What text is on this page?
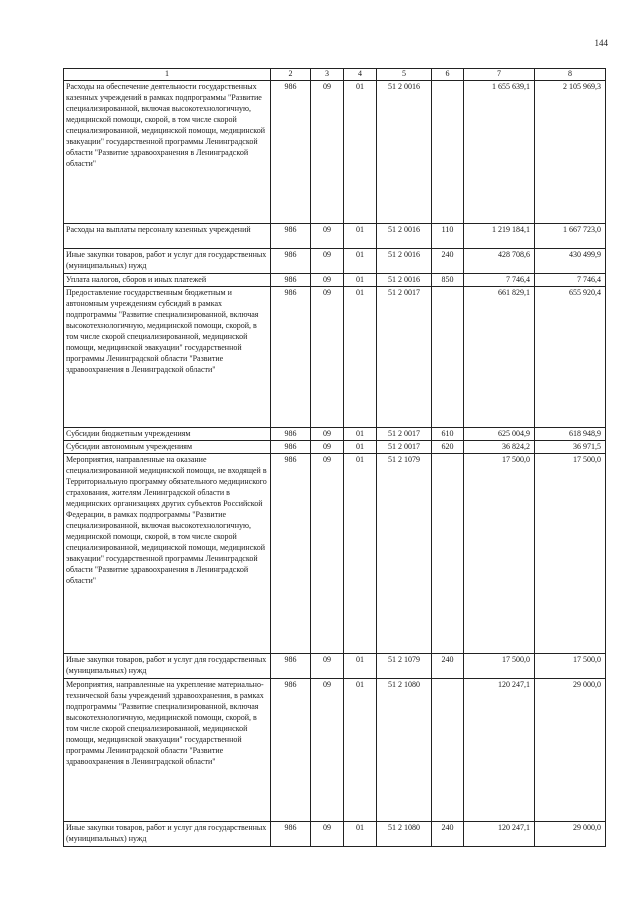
144
1	2	3	4	5	6	7	8
Расходы на обеспечение деятельности государственных казенных учреждений в рамках подпрограммы "Развитие специализированной, включая высокотехнологичную, медицинской помощи, скорой, в том числе скорой специализированной, медицинской помощи, медицинской эвакуации" государственной программы Ленинградской области "Развитие здравоохранения в Ленинградской области"	986	09	01	51 2 0016		1 655 639,1	2 105 969,3
Расходы на выплаты персоналу казенных учреждений	986	09	01	51 2 0016	110	1 219 184,1	1 667 723,0
Иные закупки товаров, работ и услуг для государственных (муниципальных) нужд	986	09	01	51 2 0016	240	428 708,6	430 499,9
Уплата налогов, сборов и иных платежей	986	09	01	51 2 0016	850	7 746,4	7 746,4
Предоставление государственным бюджетным и автономным учреждениям субсидий в рамках подпрограммы "Развитие специализированной, включая высокотехнологичную, медицинской помощи, скорой, в том числе скорой специализированной, медицинской помощи, медицинской эвакуации" государственной программы Ленинградской области "Развитие здравоохранения в Ленинградской области"	986	09	01	51 2 0017		661 829,1	655 920,4
Субсидии бюджетным учреждениям	986	09	01	51 2 0017	610	625 004,9	618 948,9
Субсидии автономным учреждениям	986	09	01	51 2 0017	620	36 824,2	36 971,5
Мероприятия, направленные на оказание специализированной медицинской помощи, не входящей в Территориальную программу обязательного медицинского страхования, жителям Ленинградской области в медицинских организациях других субъектов Российской Федерации, в рамках подпрограммы "Развитие специализированной, включая высокотехнологичную, медицинской помощи, скорой, в том числе скорой специализированной, медицинской помощи, медицинской эвакуации" государственной программы Ленинградской области "Развитие здравоохранения в Ленинградской области"	986	09	01	51 2 1079		17 500,0	17 500,0
Иные закупки товаров, работ и услуг для государственных (муниципальных) нужд	986	09	01	51 2 1079	240	17 500,0	17 500,0
Мероприятия, направленные на укрепление материально-технической базы учреждений здравоохранения, в рамках подпрограммы "Развитие специализированной, включая высокотехнологичную, медицинской помощи, скорой, в том числе скорой специализированной, медицинской помощи, медицинской эвакуации" государственной программы Ленинградской области "Развитие здравоохранения в Ленинградской области"	986	09	01	51 2 1080		120 247,1	29 000,0
Иные закупки товаров, работ и услуг для государственных (муниципальных) нужд	986	09	01	51 2 1080	240	120 247,1	29 000,0
